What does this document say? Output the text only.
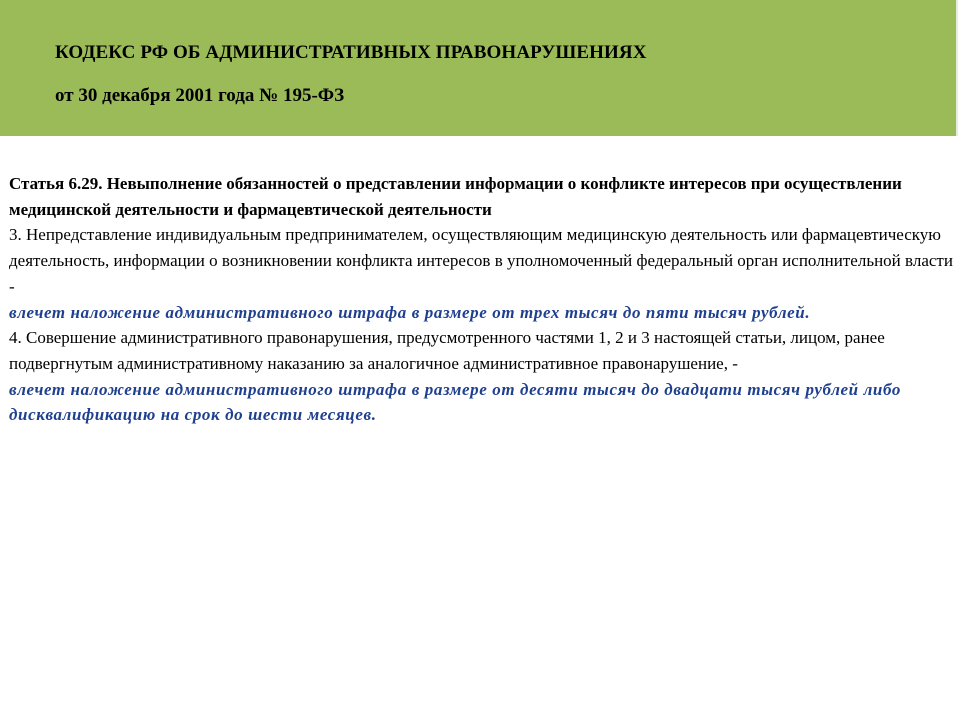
КОДЕКС РФ ОБ АДМИНИСТРАТИВНЫХ ПРАВОНАРУШЕНИЯХ
от 30 декабря 2001 года № 195-ФЗ

Статья 6.29. Невыполнение обязанностей о представлении информации о конфликте интересов при осуществлении медицинской деятельности и фармацевтической деятельности

3. Непредставление индивидуальным предпринимателем, осуществляющим медицинскую деятельность или фармацевтическую деятельность, информации о возникновении конфликта интересов в уполномоченный федеральный орган исполнительной власти -

влечет наложение административного штрафа в размере от трех тысяч до пяти тысяч рублей.

4. Совершение административного правонарушения, предусмотренного частями 1, 2 и 3 настоящей статьи, лицом, ранее подвергнутым административному наказанию за аналогичное административное правонарушение, -

влечет наложение административного штрафа в размере от десяти тысяч до двадцати тысяч рублей либо дисквалификацию на срок до шести месяцев.
